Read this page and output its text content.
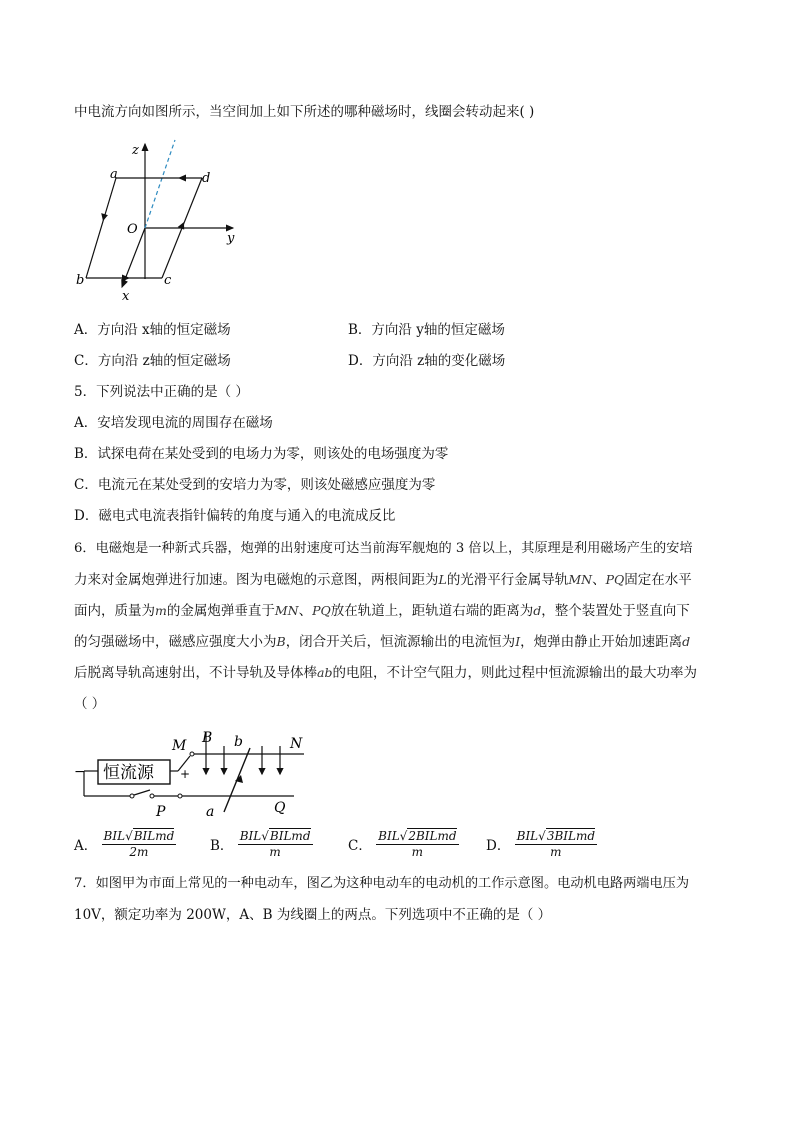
中电流方向如图所示，当空间加上如下所述的哪种磁场时，线圈会转动起来( )
z
y
x
O
a	d
b	c
A．方向沿 x轴的恒定磁场	B．方向沿 y轴的恒定磁场
C．方向沿 z轴的恒定磁场	D．方向沿 z轴的变化磁场
5．下列说法中正确的是（ ）
A．安培发现电流的周围存在磁场
B．试探电荷在某处受到的电场力为零，则该处的电场强度为零
C．电流元在某处受到的安培力为零，则该处磁感应强度为零
D．磁电式电流表指针偏转的角度与通入的电流成反比
6．电磁炮是一种新式兵器，炮弹的出射速度可达当前海军舰炮的 3 倍以上，其原理是利用磁场产生的安培
力来对金属炮弹进行加速。图为电磁炮的示意图，两根间距为L的光滑平行金属导轨MN、PQ固定在水平
面内，质量为m的金属炮弹垂直于MN、PQ放在轨道上，距轨道右端的距离为d，整个装置处于竖直向下
的匀强磁场中，磁感应强度大小为B，闭合开关后，恒流源输出的电流恒为I，炮弹由静止开始加速距离d
后脱离导轨高速射出，不计导轨及导体棒ab的电阻，不计空气阻力，则此过程中恒流源输出的最大功率为
（ ）
− 恒流源 +
M	N
P	Q
B b
a
A． $\frac{\text{BIL√BILmd}}{2m}$ B． $\frac{\text{BIL√BILmd}}{m}$	C． $\frac{\text{BIL√2BILmd}}{m}$ D． $\frac{\text{BIL√3BILmd}}{m}$
7．如图甲为市面上常见的一种电动车，图乙为这种电动车的电动机的工作示意图。电动机电路两端电压为
10V，额定功率为 200W，A、B 为线圈上的两点。下列选项中不正确的是（ ）
